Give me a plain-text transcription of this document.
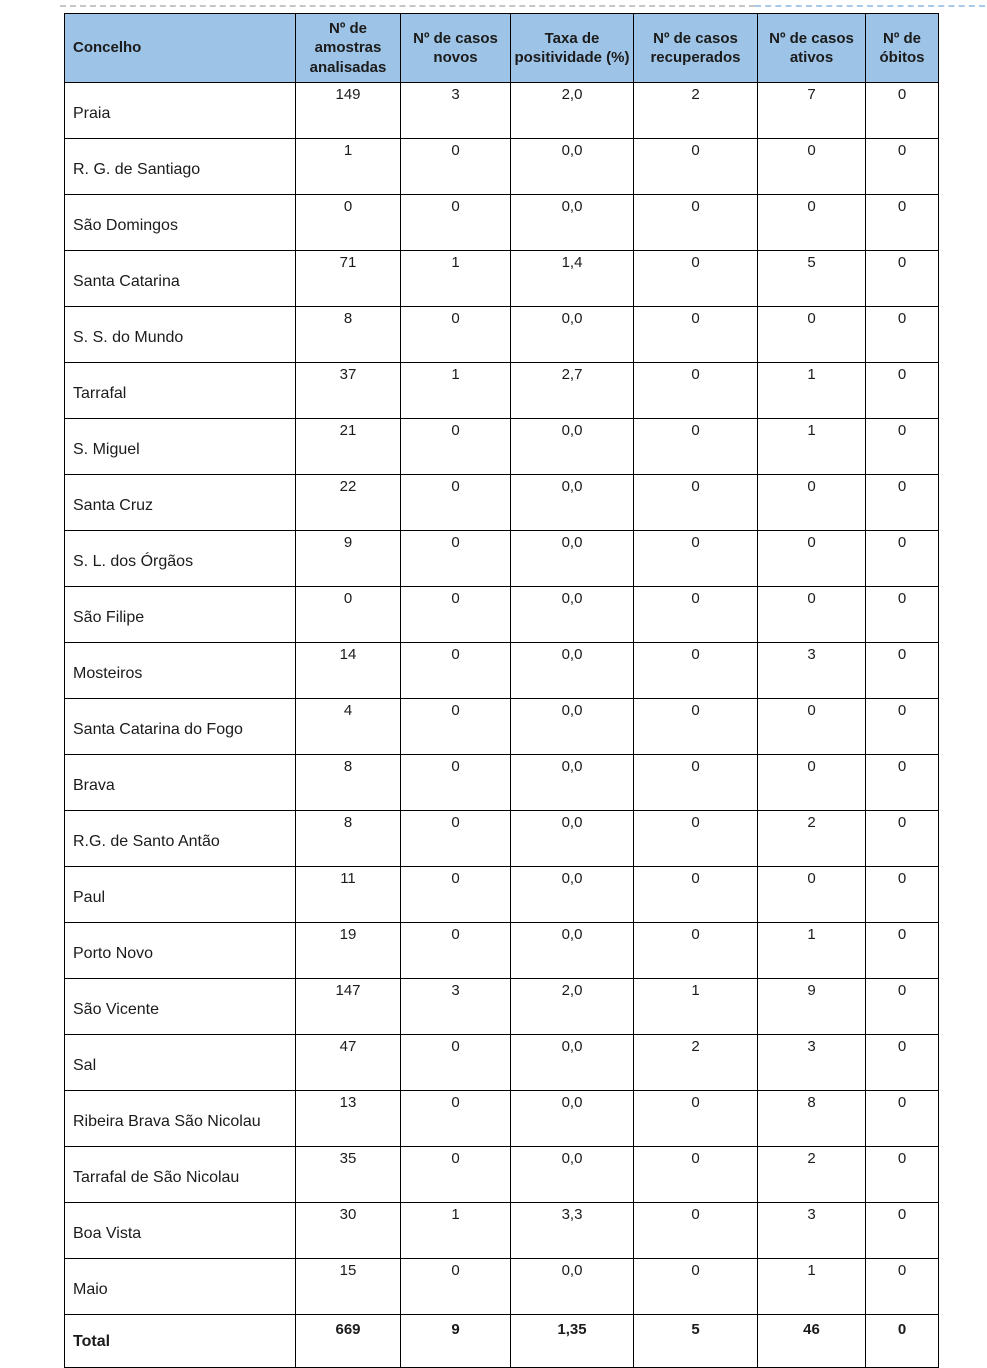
Concelho	Nº de amostras analisadas	Nº de casos novos	Taxa de positividade (%)	Nº de casos recuperados	Nº de casos ativos	Nº de óbitos
Praia	149	3	2,0	2	7	0
R. G. de Santiago	1	0	0,0	0	0	0
São Domingos	0	0	0,0	0	0	0
Santa Catarina	71	1	1,4	0	5	0
S. S. do Mundo	8	0	0,0	0	0	0
Tarrafal	37	1	2,7	0	1	0
S. Miguel	21	0	0,0	0	1	0
Santa Cruz	22	0	0,0	0	0	0
S. L. dos Órgãos	9	0	0,0	0	0	0
São Filipe	0	0	0,0	0	0	0
Mosteiros	14	0	0,0	0	3	0
Santa Catarina do Fogo	4	0	0,0	0	0	0
Brava	8	0	0,0	0	0	0
R.G. de Santo Antão	8	0	0,0	0	2	0
Paul	11	0	0,0	0	0	0
Porto Novo	19	0	0,0	0	1	0
São Vicente	147	3	2,0	1	9	0
Sal	47	0	0,0	2	3	0
Ribeira Brava São Nicolau	13	0	0,0	0	8	0
Tarrafal de São Nicolau	35	0	0,0	0	2	0
Boa Vista	30	1	3,3	0	3	0
Maio	15	0	0,0	0	1	0
Total	669	9	1,35	5	46	0
